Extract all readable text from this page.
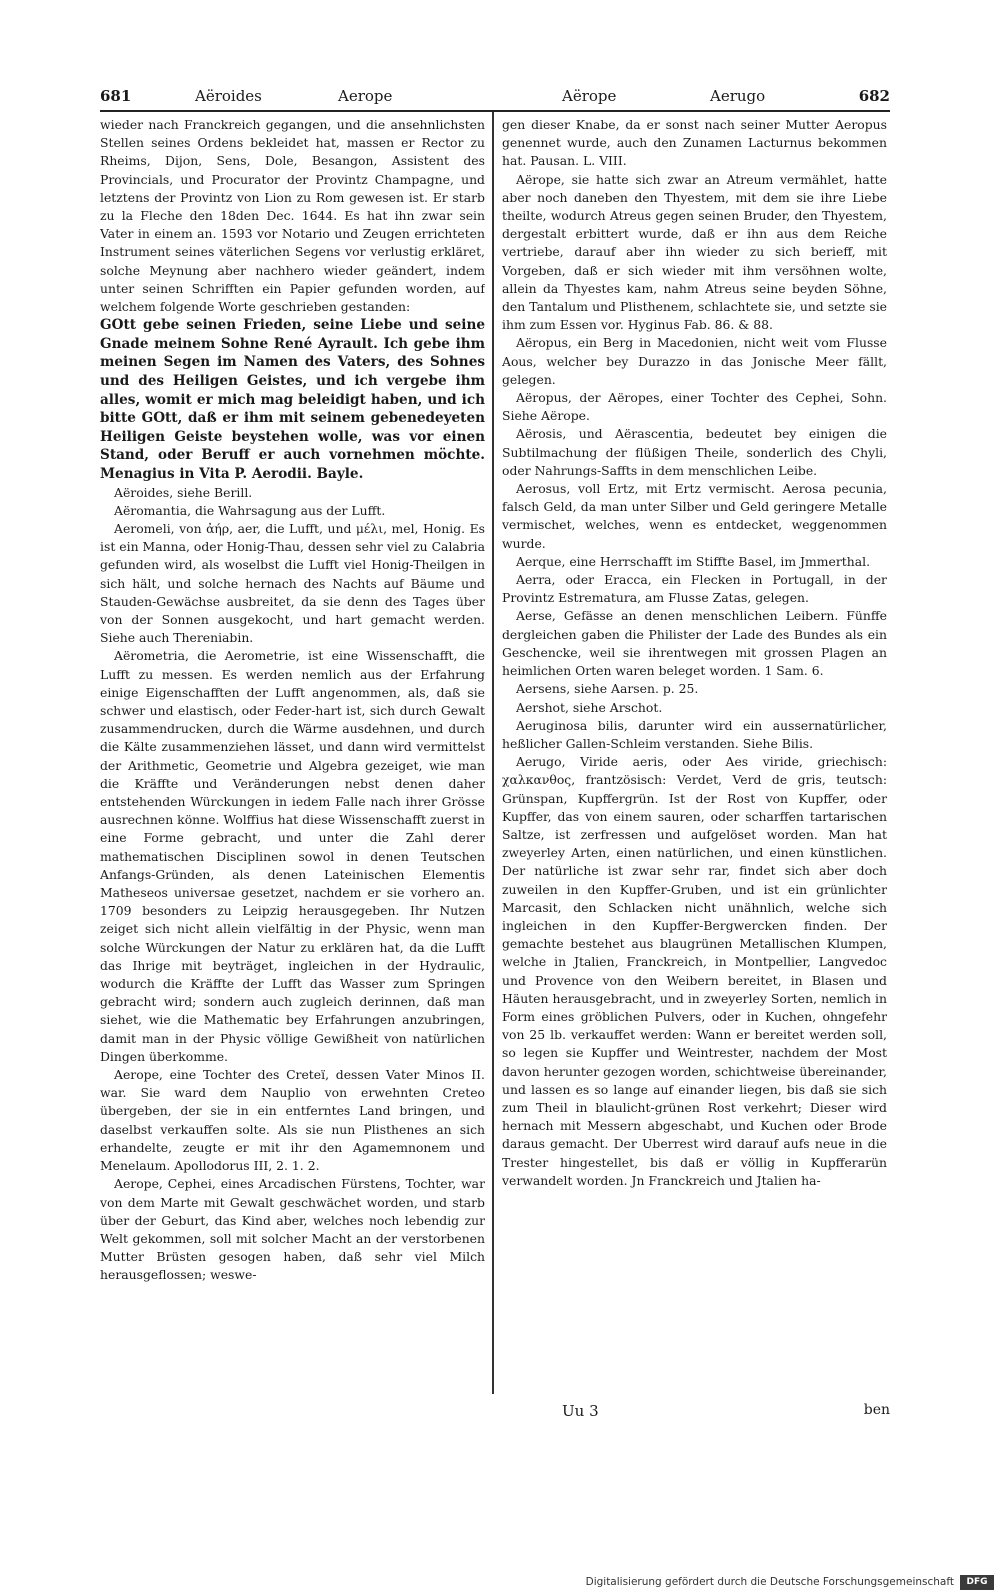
681	Aëroides	Aerope	Aërope	Aerugo	682

wieder nach Franckreich gegangen, und die ansehnlichsten Stellen seines Ordens bekleidet hat, massen er Rector zu Rheims, Dijon, Sens, Dole, Besangon, Assistent des Provincials, und Procurator der Provintz Champagne, und letztens der Provintz von Lion zu Rom gewesen ist. Er starb zu la Fleche den 18den Dec. 1644. Es hat ihn zwar sein Vater in einem an. 1593 vor Notario und Zeugen errichteten Instrument seines väterlichen Segens vor verlustig erkläret, solche Meynung aber nachhero wieder geändert, indem unter seinen Schrifften ein Papier gefunden worden, auf welchem folgende Worte geschrieben gestanden:

GOtt gebe seinen Frieden, seine Liebe und seine Gnade meinem Sohne René Ayrault. Ich gebe ihm meinen Segen im Namen des Vaters, des Sohnes und des Heiligen Geistes, und ich vergebe ihm alles, womit er mich mag beleidigt haben, und ich bitte GOtt, daß er ihm mit seinem gebenedeyeten Heiligen Geiste beystehen wolle, was vor einen Stand, oder Beruff er auch vornehmen möchte. Menagius in Vita P. Aerodii. Bayle.

Aëroides, siehe Berill.

Aëromantia, die Wahrsagung aus der Lufft.

Aeromeli, von ἀήρ, aer, die Lufft, und μέλι, mel, Honig. Es ist ein Manna, oder Honig-Thau, dessen sehr viel zu Calabria gefunden wird, als woselbst die Lufft viel Honig-Theilgen in sich hält, und solche hernach des Nachts auf Bäume und Stauden-Gewächse ausbreitet, da sie denn des Tages über von der Sonnen ausgekocht, und hart gemacht werden. Siehe auch Thereniabin.

Aërometria, die Aerometrie, ist eine Wissenschafft, die Lufft zu messen. Es werden nemlich aus der Erfahrung einige Eigenschafften der Lufft angenommen, als, daß sie schwer und elastisch, oder Feder-hart ist, sich durch Gewalt zusammendrucken, durch die Wärme ausdehnen, und durch die Kälte zusammenziehen lässet, und dann wird vermittelst der Arithmetic, Geometrie und Algebra gezeiget, wie man die Kräffte und Veränderungen nebst denen daher entstehenden Würckungen in iedem Falle nach ihrer Grösse ausrechnen könne. Wolffius hat diese Wissenschafft zuerst in eine Forme gebracht, und unter die Zahl derer mathematischen Disciplinen sowol in denen Teutschen Anfangs-Gründen, als denen Lateinischen Elementis Matheseos universae gesetzet, nachdem er sie vorhero an. 1709 besonders zu Leipzig herausgegeben. Ihr Nutzen zeiget sich nicht allein vielfältig in der Physic, wenn man solche Würckungen der Natur zu erklären hat, da die Lufft das Ihrige mit beyträget, ingleichen in der Hydraulic, wodurch die Kräffte der Lufft das Wasser zum Springen gebracht wird; sondern auch zugleich derinnen, daß man siehet, wie die Mathematic bey Erfahrungen anzubringen, damit man in der Physic völlige Gewißheit von natürlichen Dingen überkomme.

Aerope, eine Tochter des Creteï, dessen Vater Minos II. war. Sie ward dem Nauplio von erwehnten Creteo übergeben, der sie in ein entferntes Land bringen, und daselbst verkauffen solte. Als sie nun Plisthenes an sich erhandelte, zeugte er mit ihr den Agamemnonem und Menelaum. Apollodorus III, 2. 1. 2.

Aerope, Cephei, eines Arcadischen Fürstens, Tochter, war von dem Marte mit Gewalt geschwächet worden, und starb über der Geburt, das Kind aber, welches noch lebendig zur Welt gekommen, soll mit solcher Macht an der verstorbenen Mutter Brüsten gesogen haben, daß sehr viel Milch herausgeflossen; weswe-

gen dieser Knabe, da er sonst nach seiner Mutter Aeropus genennet wurde, auch den Zunamen Lacturnus bekommen hat. Pausan. L. VIII.

Aërope, sie hatte sich zwar an Atreum vermählet, hatte aber noch daneben den Thyestem, mit dem sie ihre Liebe theilte, wodurch Atreus gegen seinen Bruder, den Thyestem, dergestalt erbittert wurde, daß er ihn aus dem Reiche vertriebe, darauf aber ihn wieder zu sich berieff, mit Vorgeben, daß er sich wieder mit ihm versöhnen wolte, allein da Thyestes kam, nahm Atreus seine beyden Söhne, den Tantalum und Plisthenem, schlachtete sie, und setzte sie ihm zum Essen vor. Hyginus Fab. 86. & 88.

Aëropus, ein Berg in Macedonien, nicht weit vom Flusse Aous, welcher bey Durazzo in das Jonische Meer fällt, gelegen.

Aëropus, der Aëropes, einer Tochter des Cephei, Sohn. Siehe Aërope.

Aërosis, und Aërascentia, bedeutet bey einigen die Subtilmachung der flüßigen Theile, sonderlich des Chyli, oder Nahrungs-Saffts in dem menschlichen Leibe.

Aerosus, voll Ertz, mit Ertz vermischt. Aerosa pecunia, falsch Geld, da man unter Silber und Geld geringere Metalle vermischet, welches, wenn es entdecket, weggenommen wurde.

Aerque, eine Herrschafft im Stiffte Basel, im Jmmerthal.

Aerra, oder Eracca, ein Flecken in Portugall, in der Provintz Estrematura, am Flusse Zatas, gelegen.

Aerse, Gefässe an denen menschlichen Leibern. Fünffe dergleichen gaben die Philister der Lade des Bundes als ein Geschencke, weil sie ihrentwegen mit grossen Plagen an heimlichen Orten waren beleget worden. 1 Sam. 6.

Aersens, siehe Aarsen. p. 25.

Aershot, siehe Arschot.

Aeruginosa bilis, darunter wird ein aussernatürlicher, heßlicher Gallen-Schleim verstanden. Siehe Bilis.

Aerugo, Viride aeris, oder Aes viride, griechisch: χαλκανθος, frantzösisch: Verdet, Verd de gris, teutsch: Grünspan, Kupffergrün. Ist der Rost von Kupffer, oder Kupffer, das von einem sauren, oder scharffen tartarischen Saltze, ist zerfressen und aufgelöset worden. Man hat zweyerley Arten, einen natürlichen, und einen künstlichen. Der natürliche ist zwar sehr rar, findet sich aber doch zuweilen in den Kupffer-Gruben, und ist ein grünlichter Marcasit, den Schlacken nicht unähnlich, welche sich ingleichen in den Kupffer-Bergwercken finden. Der gemachte bestehet aus blaugrünen Metallischen Klumpen, welche in Jtalien, Franckreich, in Montpellier, Langvedoc und Provence von den Weibern bereitet, in Blasen und Häuten herausgebracht, und in zweyerley Sorten, nemlich in Form eines gröblichen Pulvers, oder in Kuchen, ohngefehr von 25 lb. verkauffet werden: Wann er bereitet werden soll, so legen sie Kupffer und Weintrester, nachdem der Most davon herunter gezogen worden, schichtweise übereinander, und lassen es so lange auf einander liegen, bis daß sie sich zum Theil in blaulicht-grünen Rost verkehrt; Dieser wird hernach mit Messern abgeschabt, und Kuchen oder Brode daraus gemacht. Der Uberrest wird darauf aufs neue in die Trester hingestellet, bis daß er völlig in Kupfferarün verwandelt worden. Jn Franckreich und Jtalien ha-

Uu 3	ben
Digitalisierung gefördert durch die Deutsche Forschungsgemeinschaft	DFG
